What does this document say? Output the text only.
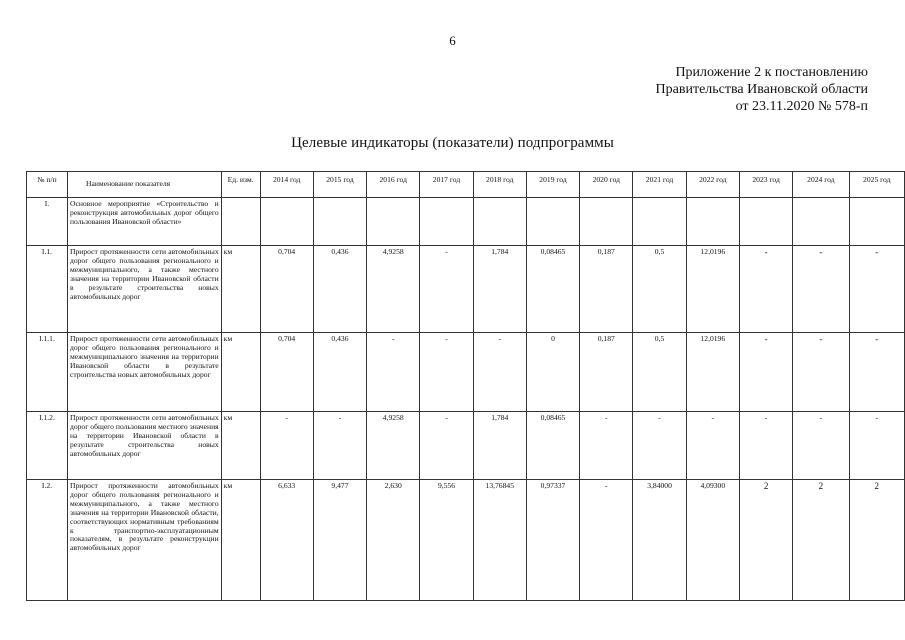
6
Приложение 2 к постановлению
Правительства Ивановской области
от 23.11.2020 № 578-п
Целевые индикаторы (показатели) подпрограммы
№ п/п	Наименование показателя	Ед. изм.	2014 год	2015 год	2016 год	2017 год	2018 год	2019 год	2020 год	2021 год	2022 год	2023 год	2024 год	2025 год
I.	Основное мероприятие «Строительство и реконструкция автомобильных дорог общего пользования Ивановской области»													
I.1.	Прирост протяженности сети автомобильных дорог общего пользования регионального и межмуниципального, а также местного значения на территории Ивановской области в результате строительства новых автомобильных дорог	км	0,704	0,436	4,9258	-	1,784	0,08465	0,187	0,5	12,0196	-	-	-
I.1.1.	Прирост протяженности сети автомобильных дорог общего пользования регионального и межмуниципального значения на территории Ивановской области в результате строительства новых автомобильных дорог	км	0,704	0,436	-	-	-	0	0,187	0,5	12,0196	-	-	-
I.1.2.	Прирост протяженности сети автомобильных дорог общего пользования местного значения на территории Ивановской области в результате строительства новых автомобильных дорог	км	-	-	4,9258	-	1,784	0,08465	-	-	-	-	-	-
I.2.	Прирост протяженности автомобильных дорог общего пользования регионального и межмуниципального, а также местного значения на территории Ивановской области, соответствующих нормативным требованиям к транспортно-эксплуатационным показателям, в результате реконструкции автомобильных дорог	км	6,633	9,477	2,630	9,556	13,76845	0,97337	-	3,84000	4,09300	2	2	2
